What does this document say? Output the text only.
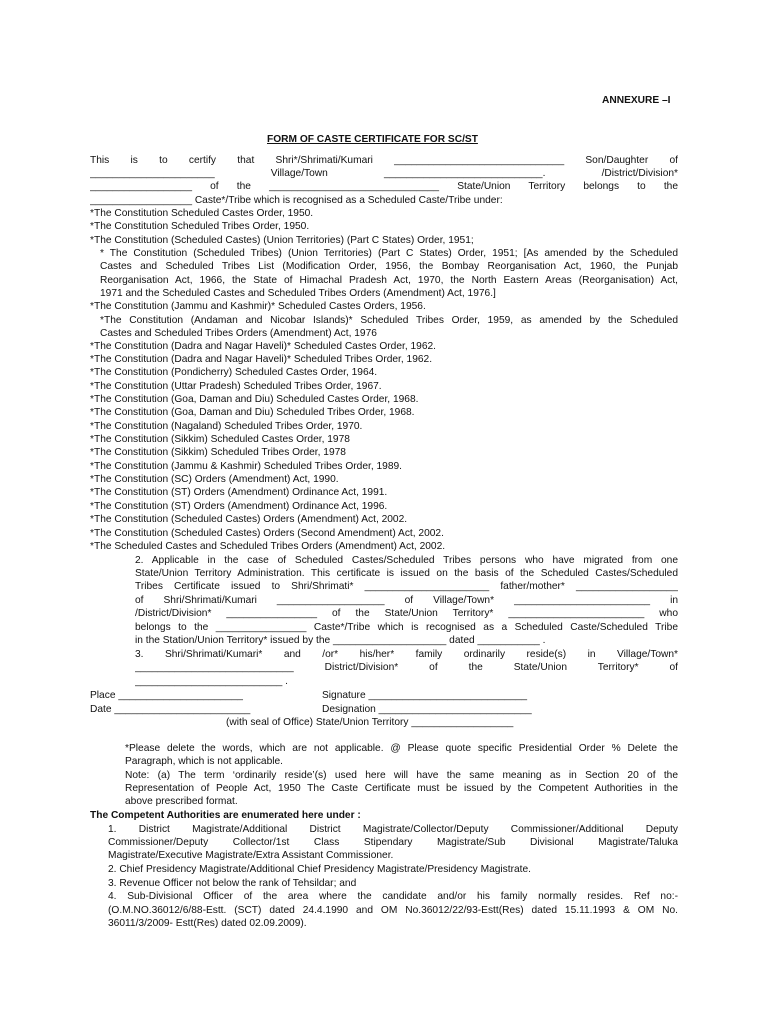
ANNEXURE –I
FORM OF CASTE CERTIFICATE FOR SC/ST
This is to certify that Shri*/Shrimati/Kumari ______________________________ Son/Daughter of
______________________ Village/Town ____________________________. /District/Division*
__________________ of the ______________________________ State/Union Territory belongs to the
__________________ Caste*/Tribe which is recognised as a Scheduled Caste/Tribe under:
*The Constitution Scheduled Castes Order, 1950.
*The Constitution Scheduled Tribes Order, 1950.
*The Constitution (Scheduled Castes) (Union Territories) (Part C States) Order, 1951;
* The Constitution (Scheduled Tribes) (Union Territories) (Part C States) Order, 1951; [As amended by the Scheduled
Castes and Scheduled Tribes List (Modification Order, 1956, the Bombay Reorganisation Act, 1960, the Punjab
Reorganisation Act, 1966, the State of Himachal Pradesh Act, 1970, the North Eastern Areas (Reorganisation) Act,
1971 and the Scheduled Castes and Scheduled Tribes Orders (Amendment) Act, 1976.]
*The Constitution (Jammu and Kashmir)* Scheduled Castes Orders, 1956.
*The Constitution (Andaman and Nicobar Islands)* Scheduled Tribes Order, 1959, as amended by the Scheduled
Castes and Scheduled Tribes Orders (Amendment) Act, 1976
*The Constitution (Dadra and Nagar Haveli)* Scheduled Castes Order, 1962.
*The Constitution (Dadra and Nagar Haveli)* Scheduled Tribes Order, 1962.
*The Constitution (Pondicherry) Scheduled Castes Order, 1964.
*The Constitution (Uttar Pradesh) Scheduled Tribes Order, 1967.
*The Constitution (Goa, Daman and Diu) Scheduled Castes Order, 1968.
*The Constitution (Goa, Daman and Diu) Scheduled Tribes Order, 1968.
*The Constitution (Nagaland) Scheduled Tribes Order, 1970.
*The Constitution (Sikkim) Scheduled Castes Order, 1978
*The Constitution (Sikkim) Scheduled Tribes Order, 1978
*The Constitution (Jammu & Kashmir) Scheduled Tribes Order, 1989.
*The Constitution (SC) Orders (Amendment) Act, 1990.
*The Constitution (ST) Orders (Amendment) Ordinance Act, 1991.
*The Constitution (ST) Orders (Amendment) Ordinance Act, 1996.
*The Constitution (Scheduled Castes) Orders (Amendment) Act, 2002.
*The Constitution (Scheduled Castes) Orders (Second Amendment) Act, 2002.
*The Scheduled Castes and Scheduled Tribes Orders (Amendment) Act, 2002.
2. Applicable in the case of Scheduled Castes/Scheduled Tribes persons who have migrated from one
State/Union Territory Administration. This certificate is issued on the basis of the Scheduled Castes/Scheduled
Tribes Certificate issued to Shri/Shrimati* ______________________ father/mother* __________________
of Shri/Shrimati/Kumari ___________________ of Village/Town* ________________________ in
/District/Division* ________________ of the State/Union Territory* ________________________ who
belongs to the ________________ Caste*/Tribe which is recognised as a Scheduled Caste/Scheduled Tribe
in the Station/Union Territory* issued by the ____________________ dated ___________ .
3. Shri/Shrimati/Kumari* and /or* his/her* family ordinarily reside(s) in Village/Town*
____________________________ District/Division* of the State/Union Territory* of
__________________________ .
Place ______________________	Signature ____________________________
Date ________________________	Designation ___________________________
(with seal of Office) State/Union Territory __________________
*Please delete the words, which are not applicable. @ Please quote specific Presidential Order % Delete the
Paragraph, which is not applicable.
Note: (a) The term ‘ordinarily reside’(s) used here will have the same meaning as in Section 20 of the
Representation of People Act, 1950 The Caste Certificate must be issued by the Competent Authorities in the
above prescribed format.
The Competent Authorities are enumerated here under :
1. District Magistrate/Additional District Magistrate/Collector/Deputy Commissioner/Additional Deputy
Commissioner/Deputy Collector/1st Class Stipendary Magistrate/Sub Divisional Magistrate/Taluka
Magistrate/Executive Magistrate/Extra Assistant Commissioner.
2. Chief Presidency Magistrate/Additional Chief Presidency Magistrate/Presidency Magistrate.
3. Revenue Officer not below the rank of Tehsildar; and
4. Sub-Divisional Officer of the area where the candidate and/or his family normally resides. Ref no:-
(O.M.NO.36012/6/88-Estt. (SCT) dated 24.4.1990 and OM No.36012/22/93-Estt(Res) dated 15.11.1993 & OM No.
36011/3/2009- Estt(Res) dated 02.09.2009).
